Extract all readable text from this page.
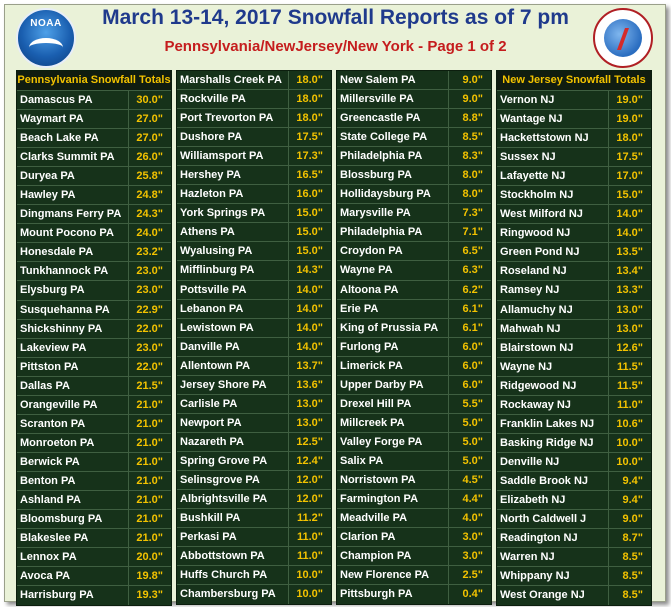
NOAA	March 13-14, 2017 Snowfall Reports as of 7 pm
Pennsylvania/NewJersey/New York - Page 1 of 2
Pennsylvania Snowfall Totals
Damascus PA	30.0"
Waymart PA	27.0"
Beach Lake PA	27.0"
Clarks Summit PA	26.0"
Duryea PA	25.8"
Hawley PA	24.8"
Dingmans Ferry PA	24.3"
Mount Pocono PA	24.0"
Honesdale PA	23.2"
Tunkhannock PA	23.0"
Elysburg PA	23.0"
Susquehanna PA	22.9"
Shickshinny PA	22.0"
Lakeview PA	23.0"
Pittston PA	22.0"
Dallas PA	21.5"
Orangeville PA	21.0"
Scranton PA	21.0"
Monroeton PA	21.0"
Berwick PA	21.0"
Benton PA	21.0"
Ashland PA	21.0"
Bloomsburg PA	21.0"
Blakeslee PA	21.0"
Lennox PA	20.0"
Avoca PA	19.8"
Harrisburg PA	19.3"
Marshalls Creek PA	18.0"
Rockville PA	18.0"
Port Trevorton PA	18.0"
Dushore PA	17.5"
Williamsport PA	17.3"
Hershey PA	16.5"
Hazleton PA	16.0"
York Springs PA	15.0"
Athens PA	15.0"
Wyalusing PA	15.0"
Mifflinburg PA	14.3"
Pottsville PA	14.0"
Lebanon PA	14.0"
Lewistown PA	14.0"
Danville PA	14.0"
Allentown PA	13.7"
Jersey Shore PA	13.6"
Carlisle PA	13.0"
Newport PA	13.0"
Nazareth PA	12.5"
Spring Grove PA	12.4"
Selinsgrove PA	12.0"
Albrightsville PA	12.0"
Bushkill PA	11.2"
Perkasi PA	11.0"
Abbottstown PA	11.0"
Huffs Church PA	10.0"
Chambersburg PA	10.0"
New Salem PA	9.0"
Millersville PA	9.0"
Greencastle PA	8.8"
State College PA	8.5"
Philadelphia PA	8.3"
Blossburg PA	8.0"
Hollidaysburg PA	8.0"
Marysville PA	7.3"
Philadelphia PA	7.1"
Croydon PA	6.5"
Wayne PA	6.3"
Altoona PA	6.2"
Erie PA	6.1"
King of Prussia PA	6.1"
Furlong PA	6.0"
Limerick PA	6.0"
Upper Darby PA	6.0"
Drexel Hill PA	5.5"
Millcreek PA	5.0"
Valley Forge PA	5.0"
Salix PA	5.0"
Norristown PA	4.5"
Farmington PA	4.4"
Meadville PA	4.0"
Clarion PA	3.0"
Champion PA	3.0"
New Florence PA	2.5"
Pittsburgh PA	0.4"
New Jersey Snowfall Totals
Vernon NJ	19.0"
Wantage NJ	19.0"
Hackettstown NJ	18.0"
Sussex NJ	17.5"
Lafayette NJ	17.0"
Stockholm NJ	15.0"
West Milford NJ	14.0"
Ringwood NJ	14.0"
Green Pond NJ	13.5"
Roseland NJ	13.4"
Ramsey NJ	13.3"
Allamuchy NJ	13.0"
Mahwah NJ	13.0"
Blairstown NJ	12.6"
Wayne NJ	11.5"
Ridgewood NJ	11.5"
Rockaway NJ	11.0"
Franklin Lakes NJ	10.6"
Basking Ridge NJ	10.0"
Denville NJ	10.0"
Saddle Brook NJ	9.4"
Elizabeth NJ	9.4"
North Caldwell J	9.0"
Readington NJ	8.7"
Warren NJ	8.5"
Whippany NJ	8.5"
West Orange NJ	8.5"
